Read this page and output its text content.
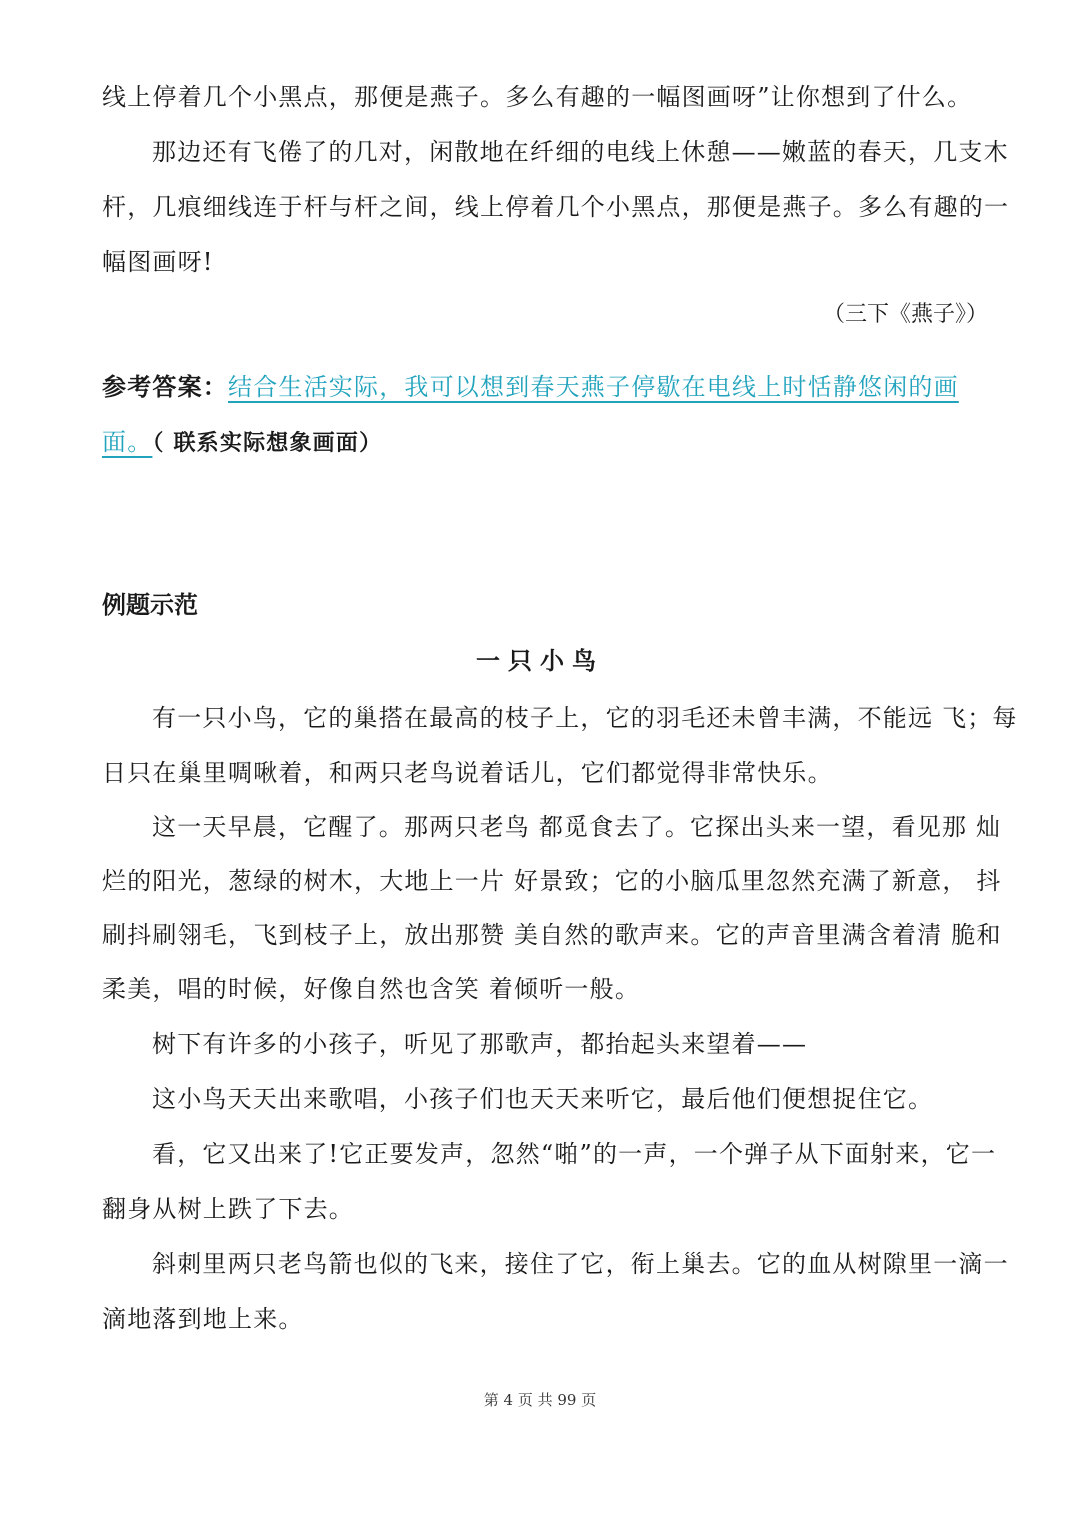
线上停着几个小黑点，那便是燕子。多么有趣的一幅图画呀”让你想到了什么。
那边还有飞倦了的几对，闲散地在纤细的电线上休憩——嫩蓝的春天，几支木
杆，几痕细线连于杆与杆之间，线上停着几个小黑点，那便是燕子。多么有趣的一
幅图画呀!
（三下《燕子》）
参考答案：结合生活实际，我可以想到春天燕子停歇在电线上时恬静悠闲的画
面。（ 联系实际想象画面）
例题示范
一只小鸟
有一只小鸟，它的巢搭在最高的枝子上，它的羽毛还未曾丰满，不能远 飞；每
日只在巢里啁啾着，和两只老鸟说着话儿，它们都觉得非常快乐。
这一天早晨，它醒了。那两只老鸟 都觅食去了。它探出头来一望，看见那 灿
烂的阳光，葱绿的树木，大地上一片 好景致；它的小脑瓜里忽然充满了新意， 抖
刷抖刷翎毛，飞到枝子上，放出那赞 美自然的歌声来。它的声音里满含着清 脆和
柔美，唱的时候，好像自然也含笑 着倾听一般。
树下有许多的小孩子，听见了那歌声，都抬起头来望着——
这小鸟天天出来歌唱，小孩子们也天天来听它，最后他们便想捉住它。
看，它又出来了!它正要发声，忽然“啪”的一声，一个弹子从下面射来，它一
翻身从树上跌了下去。
斜刺里两只老鸟箭也似的飞来，接住了它，衔上巢去。它的血从树隙里一滴一
滴地落到地上来。
第 4 页 共 99 页
